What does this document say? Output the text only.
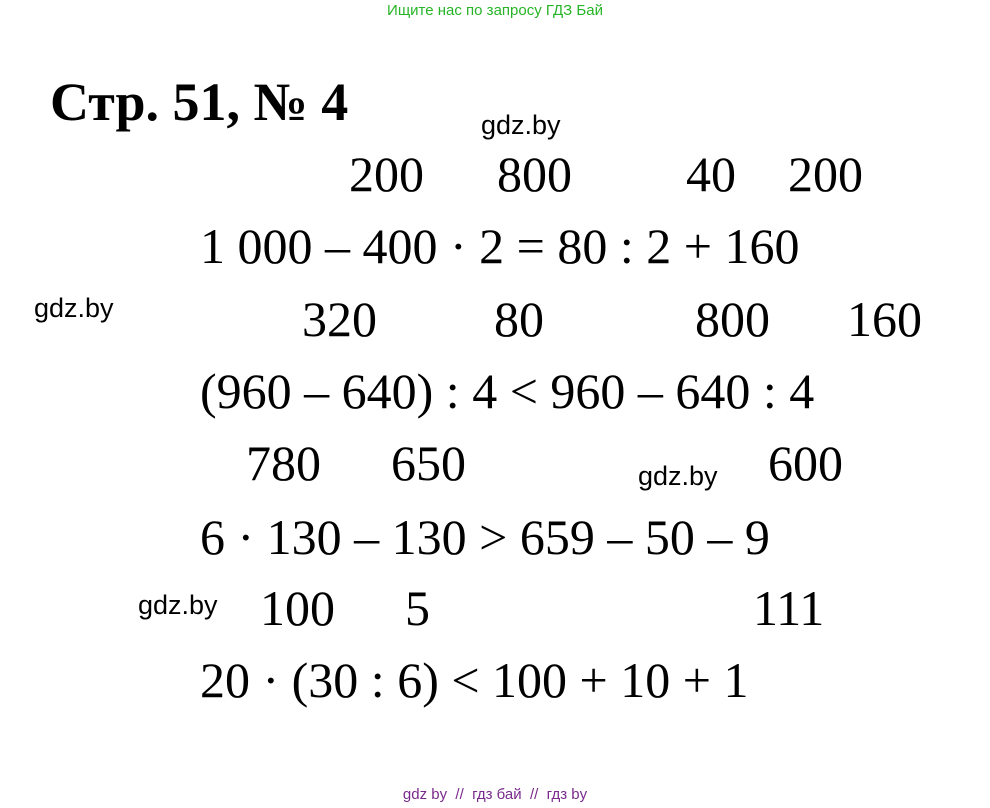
Ищите нас по запросу ГДЗ Бай
Стр. 51, № 4	gdz.by
gdz.by
gdz.by
gdz.by
200 800 40 200
1 000 – 400 · 2 = 80 : 2 + 160
320 80	800 160
(960 – 640) : 4 < 960 – 640 : 4
780 650	600
6 · 130 – 130 > 659 – 50 – 9
100 5	111
20 · (30 : 6) < 100 + 10 + 1
gdz by  //  гдз бай  //  гдз by
